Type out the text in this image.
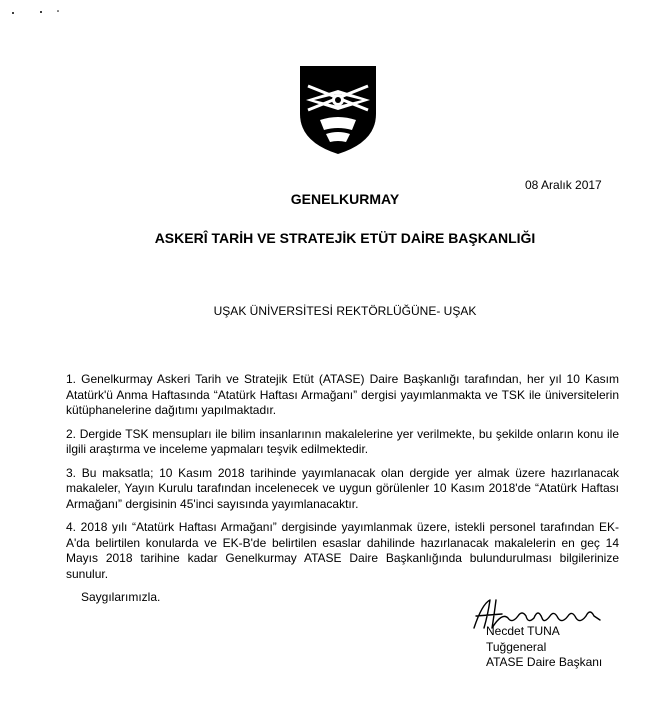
08 Aralık 2017
GENELKURMAY
ASKERÎ TARİH VE STRATEJİK ETÜT DAİRE BAŞKANLIĞI
UŞAK ÜNİVERSİTESİ REKTÖRLÜĞÜNE- UŞAK

1. Genelkurmay Askeri Tarih ve Stratejik Etüt (ATASE) Daire Başkanlığı tarafından, her yıl 10 Kasım Atatürk'ü Anma Haftasında “Atatürk Haftası Armağanı” dergisi yayımlanmakta ve TSK ile üniversitelerin kütüphanelerine dağıtımı yapılmaktadır.

2. Dergide TSK mensupları ile bilim insanlarının makalelerine yer verilmekte, bu şekilde onların konu ile ilgili araştırma ve inceleme yapmaları teşvik edilmektedir.

3. Bu maksatla; 10 Kasım 2018 tarihinde yayımlanacak olan dergide yer almak üzere hazırlanacak makaleler, Yayın Kurulu tarafından incelenecek ve uygun görülenler 10 Kasım 2018'de “Atatürk Haftası Armağanı” dergisinin 45'inci sayısında yayımlanacaktır.

4. 2018 yılı “Atatürk Haftası Armağanı” dergisinde yayımlanmak üzere, istekli personel tarafından EK-A'da belirtilen konularda ve EK-B'de belirtilen esaslar dahilinde hazırlanacak makalelerin en geç 14 Mayıs 2018 tarihine kadar Genelkurmay ATASE Daire Başkanlığında bulundurulması bilgilerinize sunulur.

Saygılarımızla.
Necdet TUNA
Tuğgeneral
ATASE Daire Başkanı
